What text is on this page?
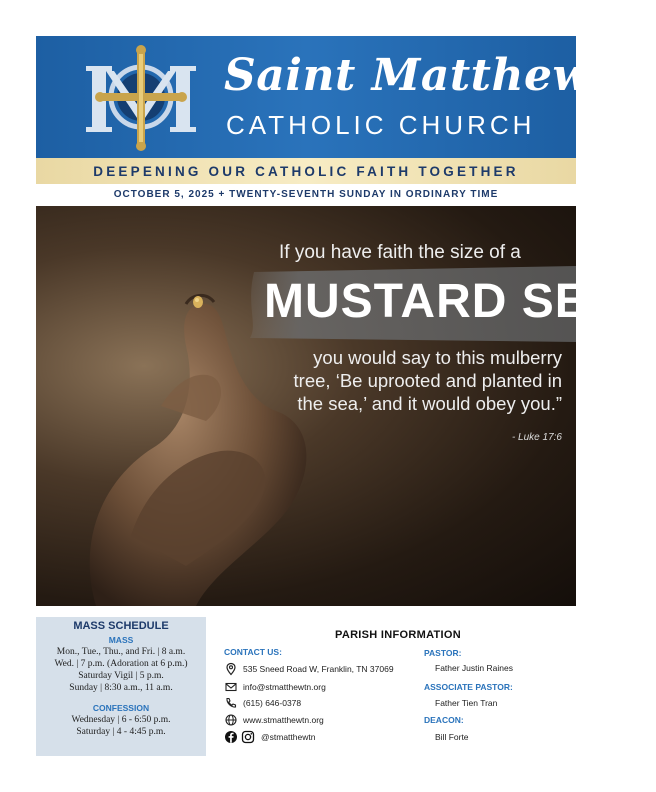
Saint Matthew
CATHOLIC CHURCH
DEEPENING OUR CATHOLIC FAITH TOGETHER
OCTOBER 5, 2025 + TWENTY-SEVENTH SUNDAY IN ORDINARY TIME
If you have faith the size of a
MUSTARD SEED
you would say to this mulberry
tree, ‘Be uprooted and planted in
the sea,’ and it would obey you.”
- Luke 17:6
MASS SCHEDULE
MASS
Mon., Tue., Thu., and Fri. | 8 a.m.
Wed. | 7 p.m. (Adoration at 6 p.m.)
Saturday Vigil | 5 p.m.
Sunday | 8:30 a.m., 11 a.m.
CONFESSION
Wednesday | 6 - 6:50 p.m.
Saturday | 4 - 4:45 p.m.
PARISH INFORMATION
CONTACT US:
535 Sneed Road W, Franklin, TN 37069
info@stmatthewtn.org
(615) 646-0378
www.stmatthewtn.org
@stmatthewtn
PASTOR:
Father Justin Raines
ASSOCIATE PASTOR:
Father Tien Tran
DEACON:
Bill Forte
